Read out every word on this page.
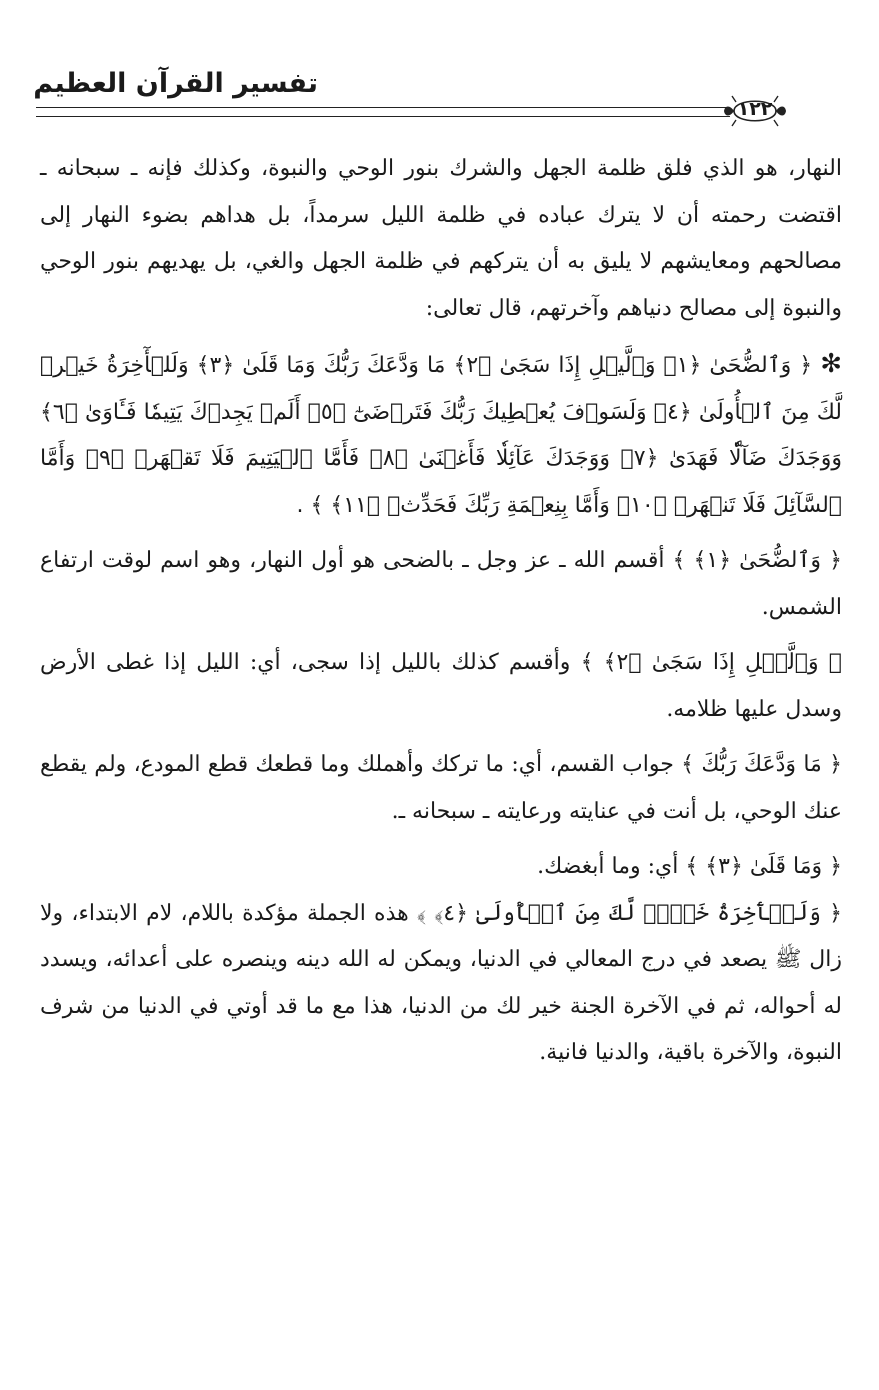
تفسير القرآن العظيم
١٢٢

النهار، هو الذي فلق ظلمة الجهل والشرك بنور الوحي والنبوة، وكذلك فإنه ـ سبحانه ـ اقتضت رحمته أن لا يترك عباده في ظلمة الليل سرمداً، بل هداهم بضوء النهار إلى مصالحهم ومعايشهم لا يليق به أن يتركهم في ظلمة الجهل والغي، بل يهديهم بنور الوحي والنبوة إلى مصالح دنياهم وآخرتهم، قال تعالى:

✻ ﴿ وَٱلضُّحَىٰ ﴿١﴾ وَٱلَّيۡلِ إِذَا سَجَىٰ ﴿٢﴾ مَا وَدَّعَكَ رَبُّكَ وَمَا قَلَىٰ ﴿٣﴾ وَلَلۡأٓخِرَةُ خَيۡرٞ لَّكَ مِنَ ٱلۡأُولَىٰ ﴿٤﴾ وَلَسَوۡفَ يُعۡطِيكَ رَبُّكَ فَتَرۡضَىٰٓ ﴿٥﴾ أَلَمۡ يَجِدۡكَ يَتِيمٗا فَـَٔاوَىٰ ﴿٦﴾ وَوَجَدَكَ ضَآلّٗا فَهَدَىٰ ﴿٧﴾ وَوَجَدَكَ عَآئِلٗا فَأَغۡنَىٰ ﴿٨﴾ فَأَمَّا ٱلۡيَتِيمَ فَلَا تَقۡهَرۡ ﴿٩﴾ وَأَمَّا ٱلسَّآئِلَ فَلَا تَنۡهَرۡ ﴿١٠﴾ وَأَمَّا بِنِعۡمَةِ رَبِّكَ فَحَدِّثۡ ﴿١١﴾ ﴾ .

﴿ وَٱلضُّحَىٰ ﴿١﴾ ﴾ أقسم الله ـ عز وجل ـ بالضحى هو أول النهار، وهو اسم لوقت ارتفاع الشمس.

﴿ وَٱلَّيۡلِ إِذَا سَجَىٰ ﴿٢﴾ ﴾ وأقسم كذلك بالليل إذا سجى، أي: الليل إذا غطى الأرض وسدل عليها ظلامه.

﴿ مَا وَدَّعَكَ رَبُّكَ ﴾ جواب القسم، أي: ما تركك وأهملك وما قطعك قطع المودع، ولم يقطع عنك الوحي، بل أنت في عنايته ورعايته ـ سبحانه ـ.

﴿ وَمَا قَلَىٰ ﴿٣﴾ ﴾ أي: وما أبغضك.

﴿ وَلَلۡأٓخِرَةُ خَيۡرٞ لَّكَ مِنَ ٱلۡأُولَىٰ ﴿٤﴾ ﴾ هذه الجملة مؤكدة باللام، لام الابتداء، ولا زال ﷺ يصعد في درج المعالي في الدنيا، ويمكن له الله دينه وينصره على أعدائه، ويسدد له أحواله، ثم في الآخرة الجنة خير لك من الدنيا، هذا مع ما قد أوتي في الدنيا من شرف النبوة، والآخرة باقية، والدنيا فانية.
